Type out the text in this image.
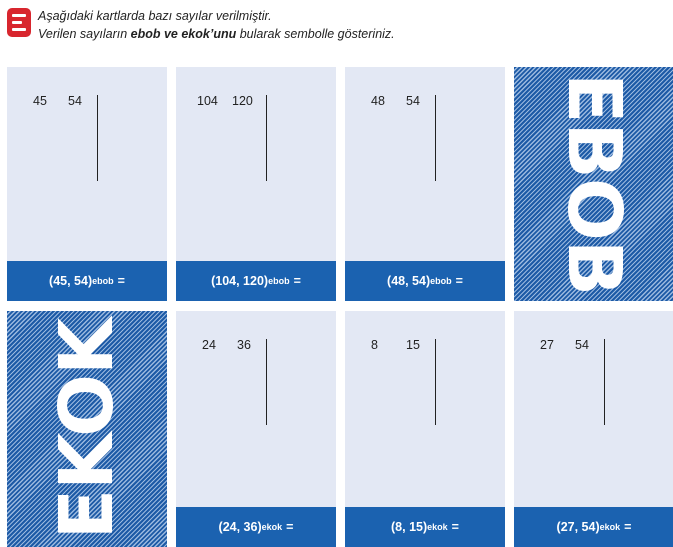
Aşağıdaki kartlarda bazı sayılar verilmiştir.
Verilen sayıların ebob ve ekok’unu bularak sembolle gösteriniz.
45 54
(45, 54) ebob =
104 120
(104, 120) ebob =
48 54
(48, 54) ebob = EBOB
EKOK	24 36
(24, 36) ekok =
8 15
(8, 15) ekok =
27 54
(27, 54) ekok =
